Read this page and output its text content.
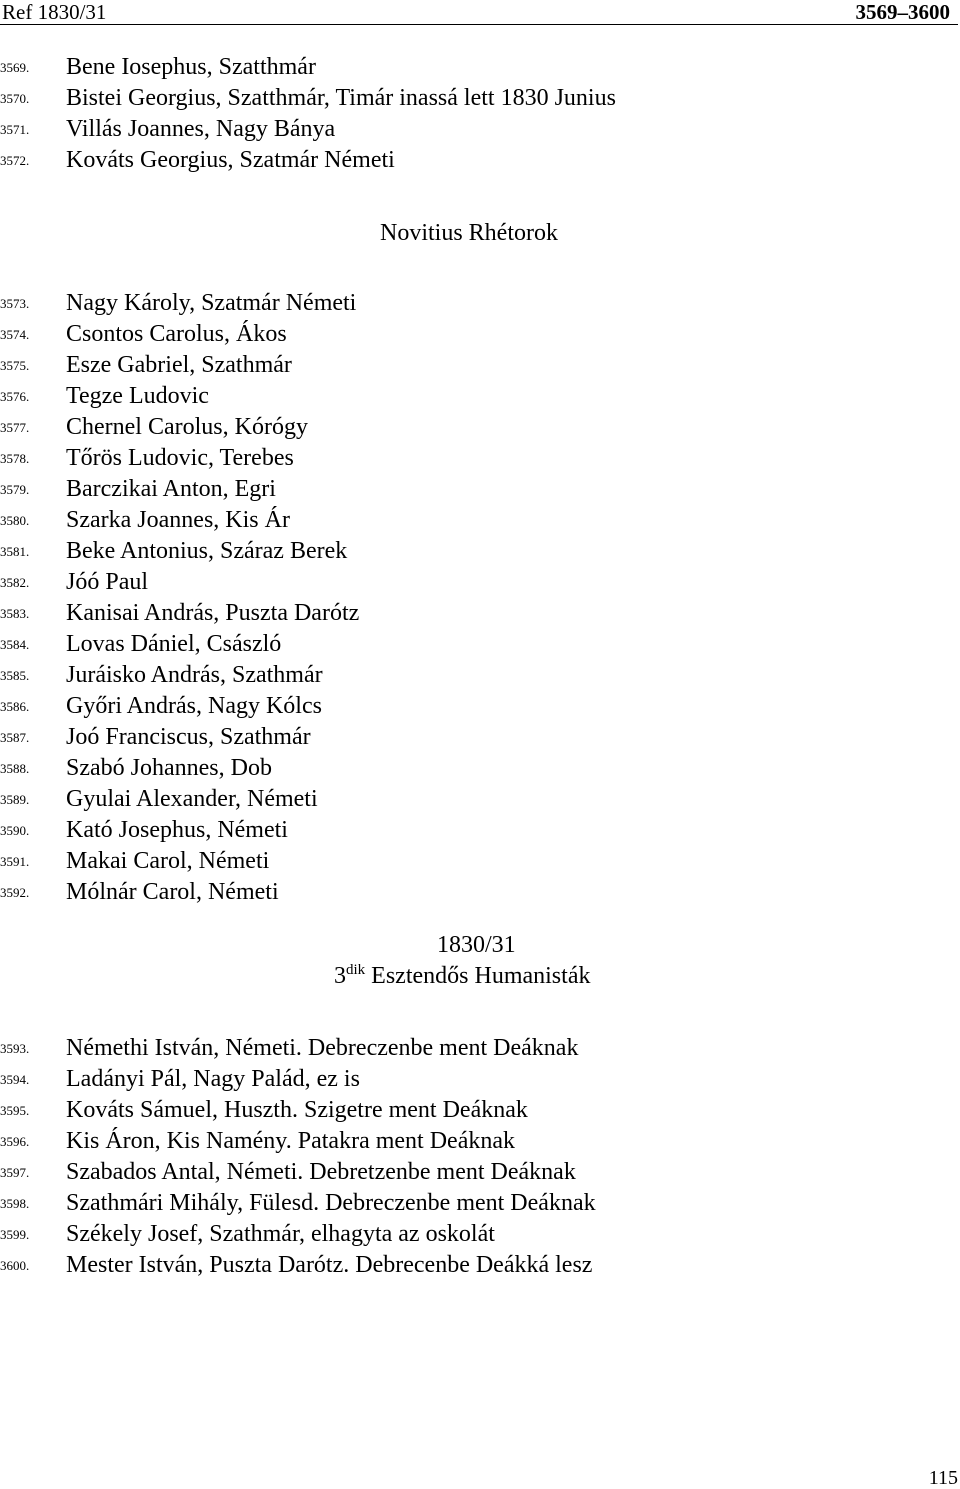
Ref 1830/31	3569–3600
3569. Bene Iosephus, Szatthmár
3570. Bistei Georgius, Szatthmár, Timár inassá lett 1830 Junius
3571. Villás Joannes, Nagy Bánya
3572. Kováts Georgius, Szatmár Németi
Novitius Rhétorok
3573. Nagy Károly, Szatmár Németi
3574. Csontos Carolus, Ákos
3575. Esze Gabriel, Szathmár
3576. Tegze Ludovic
3577. Chernel Carolus, Kórógy
3578. Tőrös Ludovic, Terebes
3579. Barczikai Anton, Egri
3580. Szarka Joannes, Kis Ár
3581. Beke Antonius, Száraz Berek
3582. Jóó Paul
3583. Kanisai András, Puszta Darótz
3584. Lovas Dániel, Császló
3585. Juráisko András, Szathmár
3586. Győri András, Nagy Kólcs
3587. Joó Franciscus, Szathmár
3588. Szabó Johannes, Dob
3589. Gyulai Alexander, Németi
3590. Kató Josephus, Németi
3591. Makai Carol, Németi
3592. Mólnár Carol, Németi
1830/31
$3^{dik}$ Esztendős Humanisták
3593. Némethi István, Németi. Debreczenbe ment Deáknak
3594. Ladányi Pál, Nagy Palád, ez is
3595. Kováts Sámuel, Huszth. Szigetre ment Deáknak
3596. Kis Áron, Kis Namény. Patakra ment Deáknak
3597. Szabados Antal, Németi. Debretzenbe ment Deáknak
3598. Szathmári Mihály, Fülesd. Debreczenbe ment Deáknak
3599. Székely Josef, Szathmár, elhagyta az oskolát
3600. Mester István, Puszta Darótz. Debrecenbe Deákká lesz
115
